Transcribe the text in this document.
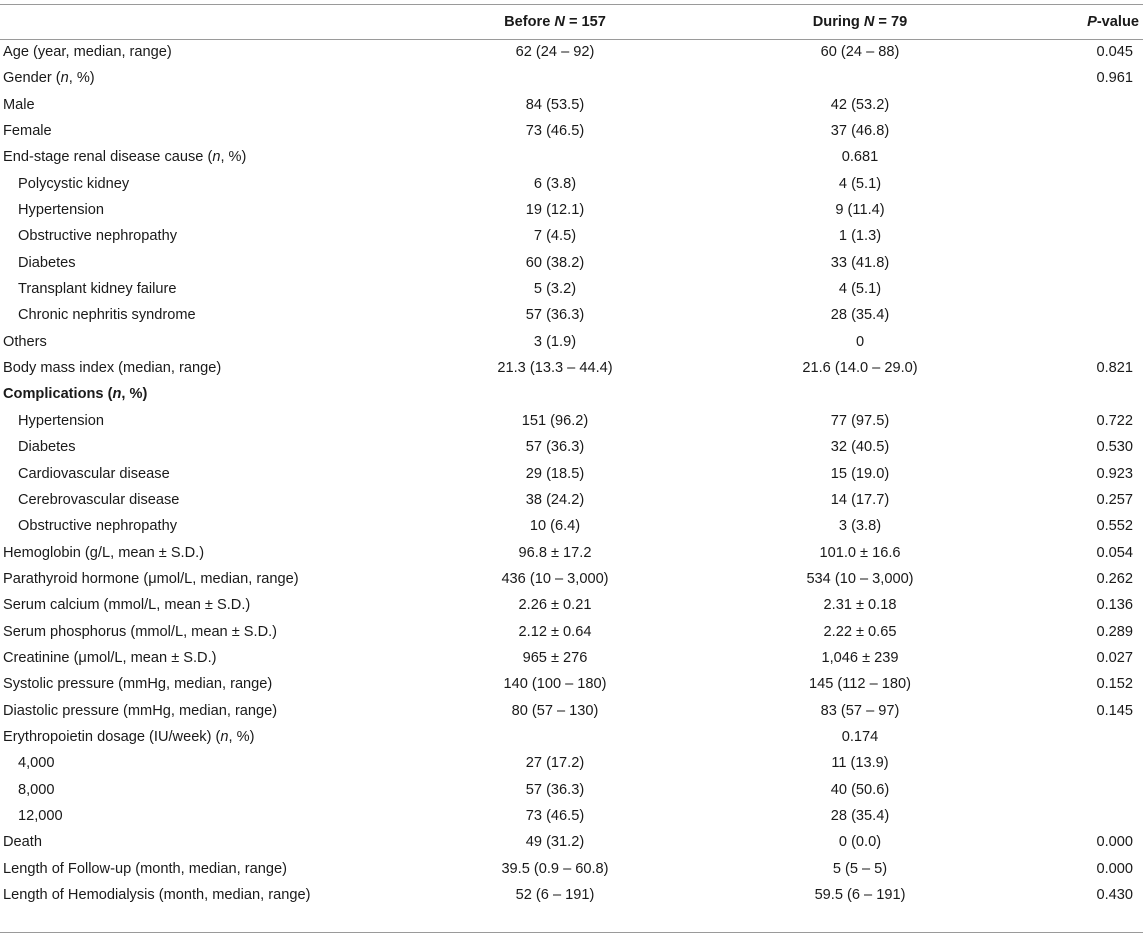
	Before N = 157	During N = 79	P-value
Age (year, median, range)	62 (24 – 92)	60 (24 – 88)	0.045
Gender (n, %)			0.961
Male	84 (53.5)	42 (53.2)	
Female	73 (46.5)	37 (46.8)	
End-stage renal disease cause (n, %)		0.681	
Polycystic kidney	6 (3.8)	4 (5.1)	
Hypertension	19 (12.1)	9 (11.4)	
Obstructive nephropathy	7 (4.5)	1 (1.3)	
Diabetes	60 (38.2)	33 (41.8)	
Transplant kidney failure	5 (3.2)	4 (5.1)	
Chronic nephritis syndrome	57 (36.3)	28 (35.4)	
Others	3 (1.9)	0	
Body mass index (median, range)	21.3 (13.3 – 44.4)	21.6 (14.0 – 29.0)	0.821
Complications (n, %)			
Hypertension	151 (96.2)	77 (97.5)	0.722
Diabetes	57 (36.3)	32 (40.5)	0.530
Cardiovascular disease	29 (18.5)	15 (19.0)	0.923
Cerebrovascular disease	38 (24.2)	14 (17.7)	0.257
Obstructive nephropathy	10 (6.4)	3 (3.8)	0.552
Hemoglobin (g/L, mean ± S.D.)	96.8 ± 17.2	101.0 ± 16.6	0.054
Parathyroid hormone (μmol/L, median, range)	436 (10 – 3,000)	534 (10 – 3,000)	0.262
Serum calcium (mmol/L, mean ± S.D.)	2.26 ± 0.21	2.31 ± 0.18	0.136
Serum phosphorus (mmol/L, mean ± S.D.)	2.12 ± 0.64	2.22 ± 0.65	0.289
Creatinine (μmol/L, mean ± S.D.)	965 ± 276	1,046 ± 239	0.027
Systolic pressure (mmHg, median, range)	140 (100 – 180)	145 (112 – 180)	0.152
Diastolic pressure (mmHg, median, range)	80 (57 – 130)	83 (57 – 97)	0.145
Erythropoietin dosage (IU/week) (n, %)		0.174	
4,000	27 (17.2)	11 (13.9)	
8,000	57 (36.3)	40 (50.6)	
12,000	73 (46.5)	28 (35.4)	
Death	49 (31.2)	0 (0.0)	0.000
Length of Follow-up (month, median, range)	39.5 (0.9 – 60.8)	5 (5 – 5)	0.000
Length of Hemodialysis (month, median, range)	52 (6 – 191)	59.5 (6 – 191)	0.430
